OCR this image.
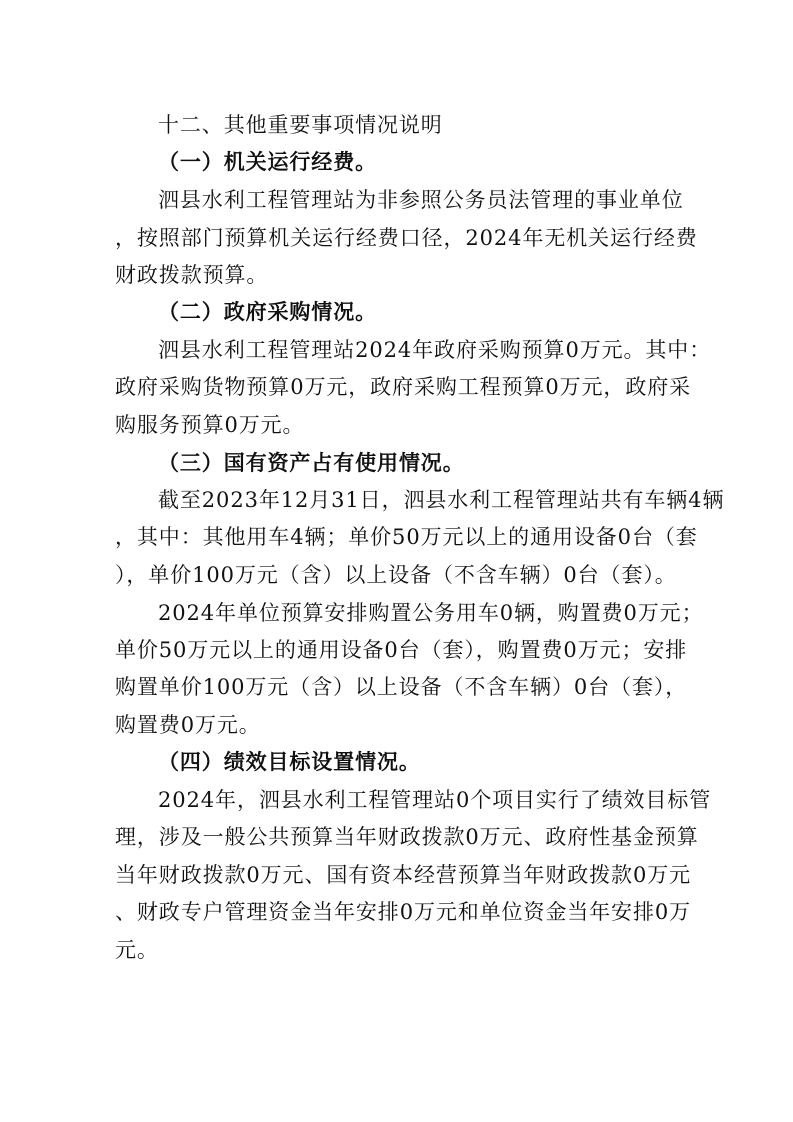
十二、其他重要事项情况说明

（一）机关运行经费。

泗县水利工程管理站为非参照公务员法管理的事业单位

，按照部门预算机关运行经费口径，2024年无机关运行经费

财政拨款预算。

（二）政府采购情况。

泗县水利工程管理站2024年政府采购预算0万元。其中：

政府采购货物预算0万元，政府采购工程预算0万元，政府采

购服务预算0万元。

（三）国有资产占有使用情况。

截至2023年12月31日，泗县水利工程管理站共有车辆4辆

，其中：其他用车4辆；单价50万元以上的通用设备0台（套

），单价100万元（含）以上设备（不含车辆）0台（套）。

2024年单位预算安排购置公务用车0辆，购置费0万元；

单价50万元以上的通用设备0台（套），购置费0万元；安排

购置单价100万元（含）以上设备（不含车辆）0台（套），

购置费0万元。

（四）绩效目标设置情况。

2024年，泗县水利工程管理站0个项目实行了绩效目标管

理，涉及一般公共预算当年财政拨款0万元、政府性基金预算

当年财政拨款0万元、国有资本经营预算当年财政拨款0万元

、财政专户管理资金当年安排0万元和单位资金当年安排0万

元。
